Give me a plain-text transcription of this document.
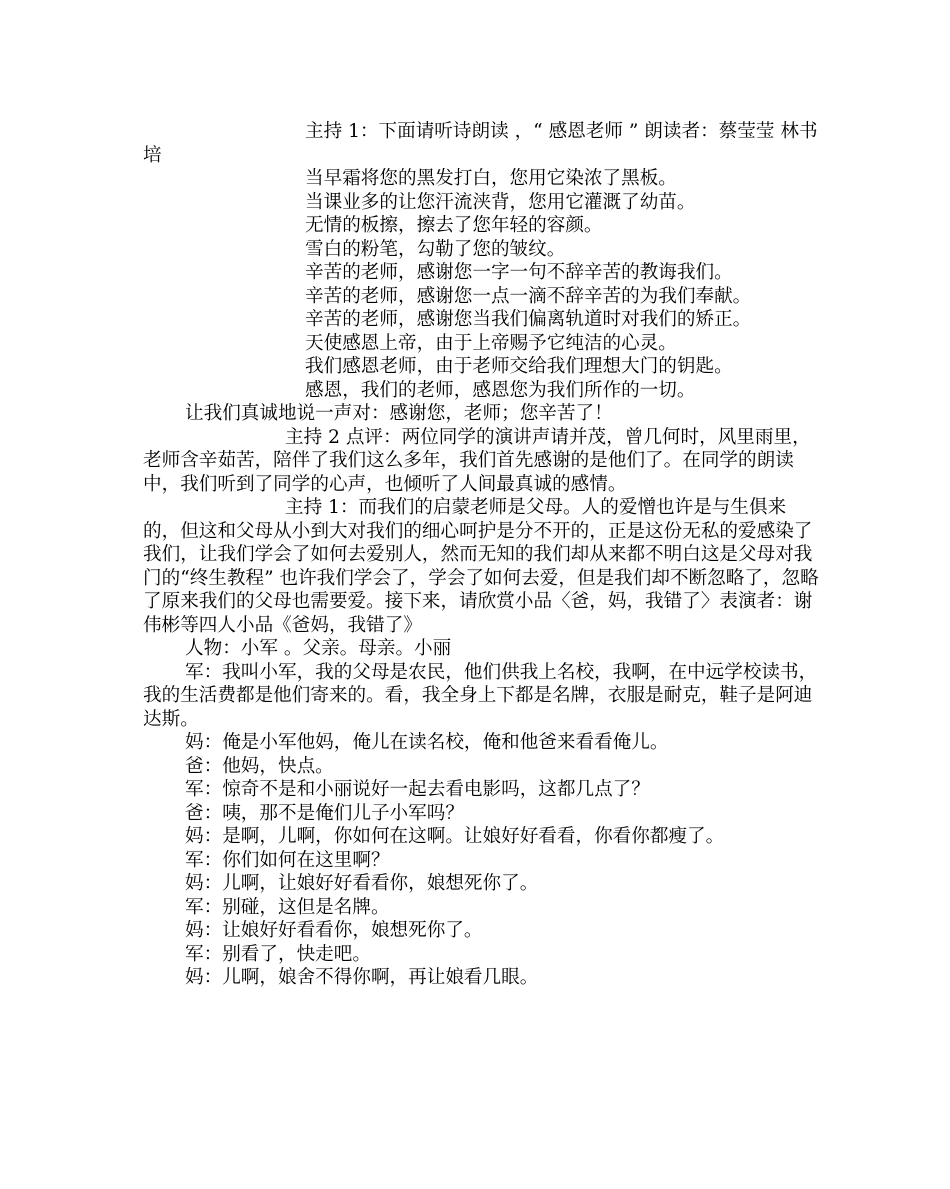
主持 1：下面请听诗朗读 ，“ 感恩老师 ” 朗读者：蔡莹莹 林书培

当早霜将您的黑发打白，您用它染浓了黑板。

当课业多的让您汗流浃背，您用它灌溉了幼苗。

无情的板擦，擦去了您年轻的容颜。

雪白的粉笔，勾勒了您的皱纹。

辛苦的老师，感谢您一字一句不辞辛苦的教诲我们。

辛苦的老师，感谢您一点一滴不辞辛苦的为我们奉献。

辛苦的老师，感谢您当我们偏离轨道时对我们的矫正。

天使感恩上帝，由于上帝赐予它纯洁的心灵。

我们感恩老师，由于老师交给我们理想大门的钥匙。

感恩，我们的老师，感恩您为我们所作的一切。

让我们真诚地说一声对：感谢您，老师；您辛苦了！

主持 2 点评：两位同学的演讲声请并茂，曾几何时，风里雨里，老师含辛茹苦，陪伴了我们这么多年，我们首先感谢的是他们了。在同学的朗读中，我们听到了同学的心声，也倾听了人间最真诚的感情。

主持 1：而我们的启蒙老师是父母。人的爱憎也许是与生俱来的，但这和父母从小到大对我们的细心呵护是分不开的，正是这份无私的爱感染了我们，让我们学会了如何去爱别人，然而无知的我们却从来都不明白这是父母对我门的“终生教程” 也许我们学会了，学会了如何去爱，但是我们却不断忽略了，忽略了原来我们的父母也需要爱。接下来，请欣赏小品〈爸，妈，我错了〉表演者：谢伟彬等四人小品《爸妈，我错了》

人物：小军 。父亲。母亲。小丽

军：我叫小军，我的父母是农民，他们供我上名校，我啊，在中远学校读书，我的生活费都是他们寄来的。看，我全身上下都是名牌，衣服是耐克，鞋子是阿迪达斯。

妈：俺是小军他妈，俺儿在读名校，俺和他爸来看看俺儿。

爸：他妈，快点。

军：惊奇不是和小丽说好一起去看电影吗，这都几点了？

爸：咦，那不是俺们儿子小军吗？

妈：是啊，儿啊，你如何在这啊。让娘好好看看，你看你都瘦了。

军：你们如何在这里啊？

妈：儿啊，让娘好好看看你，娘想死你了。

军：别碰，这但是名牌。

妈：让娘好好看看你，娘想死你了。

军：别看了，快走吧。

妈：儿啊，娘舍不得你啊，再让娘看几眼。
